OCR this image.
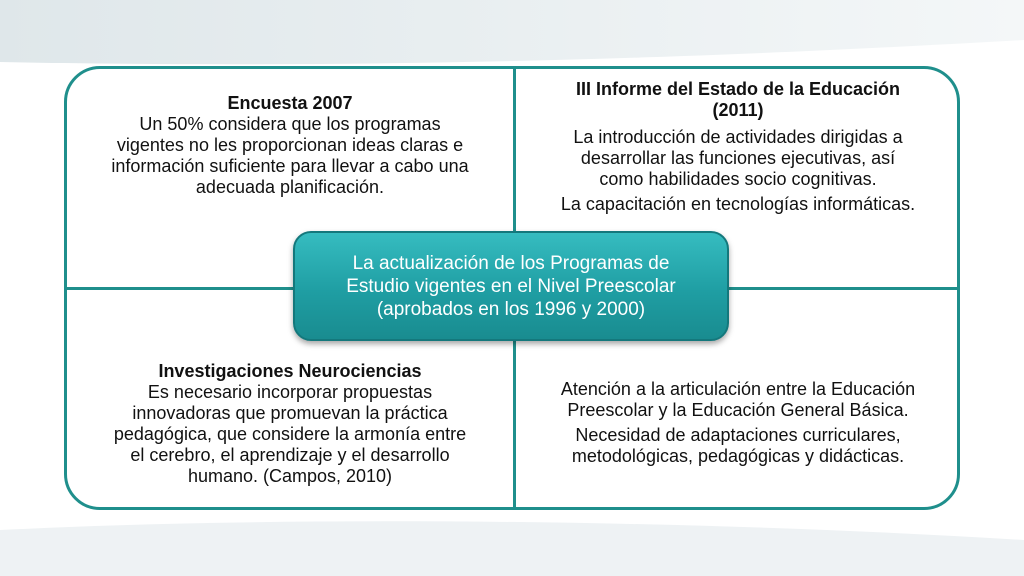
Encuesta 2007

Un 50% considera que los programas
vigentes no les proporcionan ideas claras e
información suficiente para llevar a cabo una
adecuada planificación.

III Informe del Estado de la Educación
(2011)

La introducción de actividades dirigidas a
desarrollar las funciones ejecutivas, así
como habilidades socio cognitivas.

La capacitación en tecnologías informáticas.

Investigaciones Neurociencias

Es necesario incorporar propuestas
innovadoras que promuevan la práctica
pedagógica, que considere la armonía entre
el cerebro, el aprendizaje y el desarrollo
humano. (Campos, 2010)

Atención a la articulación entre la Educación
Preescolar y la Educación General Básica.

Necesidad de adaptaciones curriculares,
metodológicas, pedagógicas y didácticas.

La actualización de los Programas de
Estudio vigentes en el Nivel Preescolar
(aprobados en los 1996 y 2000)
